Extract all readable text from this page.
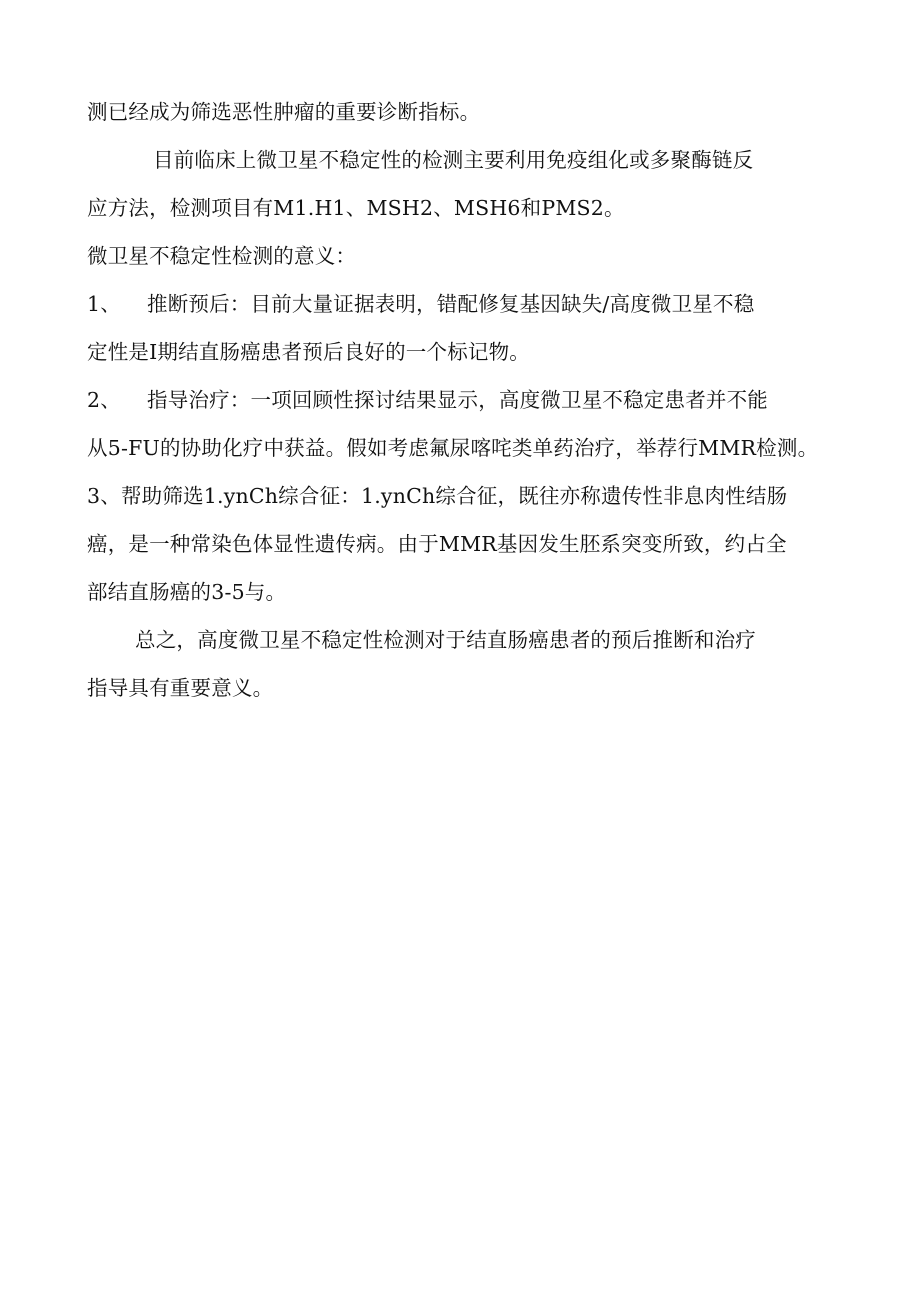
测已经成为筛选恶性肿瘤的重要诊断指标。
目前临床上微卫星不稳定性的检测主要利用免疫组化或多聚酶链反
应方法，检测项目有M1.H1、MSH2、MSH6和PMS2。
微卫星不稳定性检测的意义：
1、 推断预后：目前大量证据表明，错配修复基因缺失/高度微卫星不稳
定性是I期结直肠癌患者预后良好的一个标记物。
2、 指导治疗：一项回顾性探讨结果显示，高度微卫星不稳定患者并不能
从5-FU的协助化疗中获益。假如考虑氟尿喀咤类单药治疗，举荐行MMR检测。
3、帮助筛选1.ynCh综合征：1.ynCh综合征，既往亦称遗传性非息肉性结肠
癌，是一种常染色体显性遗传病。由于MMR基因发生胚系突变所致，约占全
部结直肠癌的3-5与。
总之，高度微卫星不稳定性检测对于结直肠癌患者的预后推断和治疗
指导具有重要意义。
